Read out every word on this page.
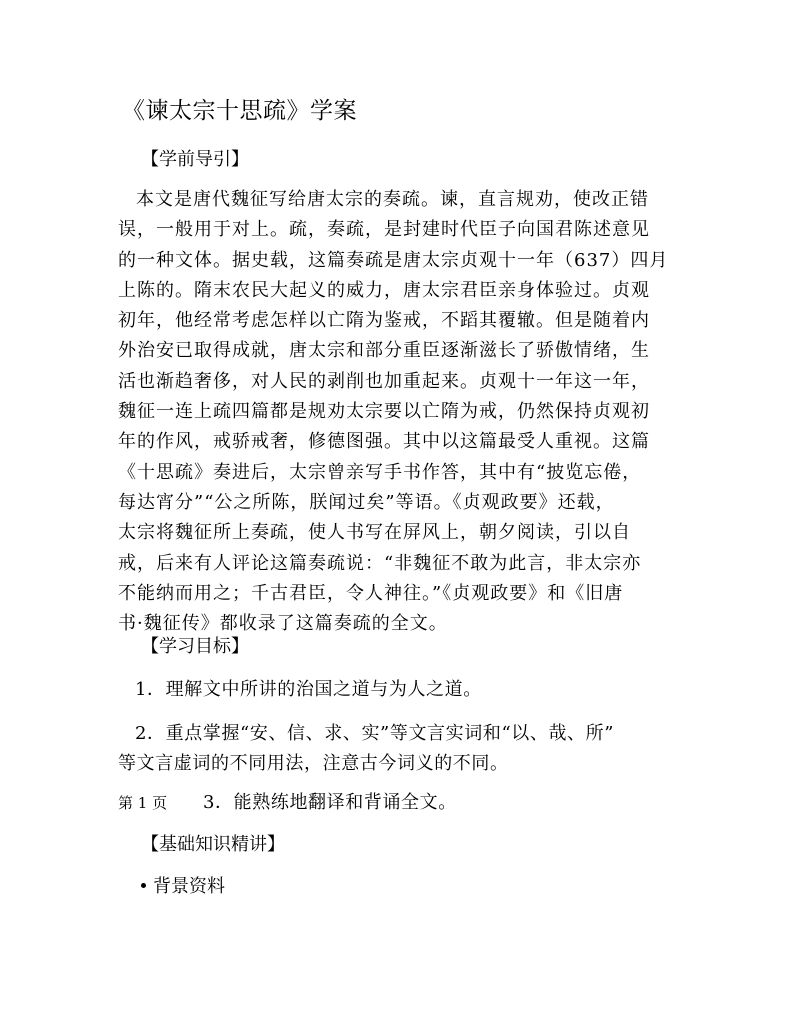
《谏太宗十思疏》学案
【学前导引】
本文是唐代魏征写给唐太宗的奏疏。谏，直言规劝，使改正错
误，一般用于对上。疏，奏疏，是封建时代臣子向国君陈述意见
的一种文体。据史载，这篇奏疏是唐太宗贞观十一年（637）四月
上陈的。隋末农民大起义的威力，唐太宗君臣亲身体验过。贞观
初年，他经常考虑怎样以亡隋为鉴戒，不蹈其覆辙。但是随着内
外治安已取得成就，唐太宗和部分重臣逐渐滋长了骄傲情绪，生
活也渐趋奢侈，对人民的剥削也加重起来。贞观十一年这一年，
魏征一连上疏四篇都是规劝太宗要以亡隋为戒，仍然保持贞观初
年的作风，戒骄戒奢，修德图强。其中以这篇最受人重视。这篇
《十思疏》奏进后，太宗曾亲写手书作答，其中有“披览忘倦，
每达宵分”“公之所陈，朕闻过矣”等语。《贞观政要》还载，
太宗将魏征所上奏疏，使人书写在屏风上，朝夕阅读，引以自
戒，后来有人评论这篇奏疏说：“非魏征不敢为此言，非太宗亦
不能纳而用之；千古君臣，令人神往。”《贞观政要》和《旧唐
书·魏征传》都收录了这篇奏疏的全文。
【学习目标】
1．理解文中所讲的治国之道与为人之道。
2．重点掌握“安、信、求、实”等文言实词和“以、哉、所”
等文言虚词的不同用法，注意古今词义的不同。
第 1 页 3．能熟练地翻译和背诵全文。
【基础知识精讲】
背景资料
